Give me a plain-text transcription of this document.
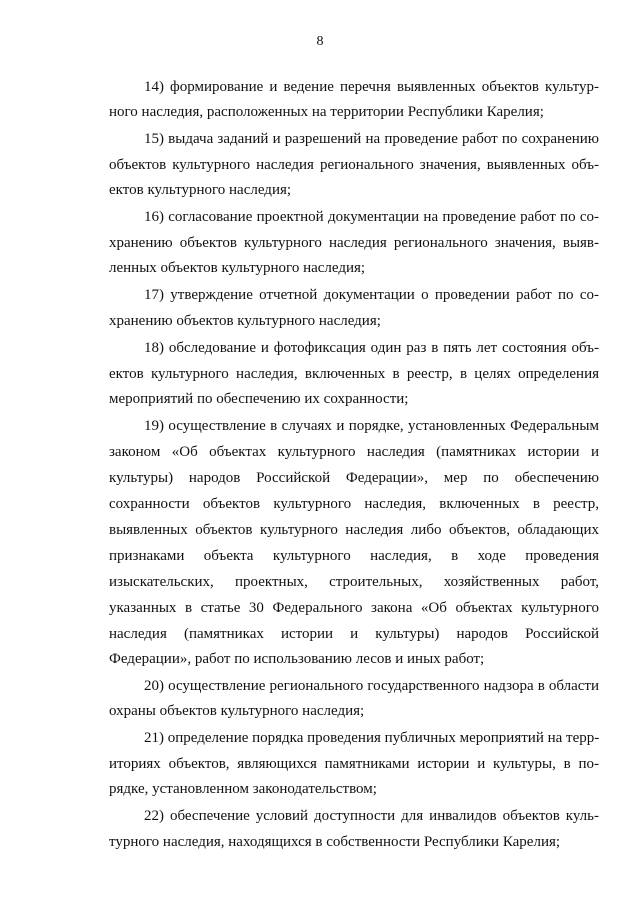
8
14) формирование и ведение перечня выявленных объектов культур-
ного наследия, расположенных на территории Республики Карелия;
15) выдача заданий и разрешений на проведение работ по сохранению
объектов культурного наследия регионального значения, выявленных объ-
ектов культурного наследия;
16) согласование проектной документации на проведение работ по со-
хранению объектов культурного наследия регионального значения, выяв-
ленных объектов культурного наследия;
17) утверждение отчетной документации о проведении работ по со-
хранению объектов культурного наследия;
18) обследование и фотофиксация один раз в пять лет состояния объ-
ектов культурного наследия, включенных в реестр, в целях определения
мероприятий по обеспечению их сохранности;
19) осуществление в случаях и порядке, установленных Федеральным
законом «Об объектах культурного наследия (памятниках истории и
культуры) народов Российской Федерации», мер по обеспечению
сохранности объектов культурного наследия, включенных в реестр,
выявленных объектов культурного наследия либо объектов, обладающих
признаками объекта культурного наследия, в ходе проведения
изыскательских, проектных, строительных, хозяйственных работ,
указанных в статье 30 Федерального закона «Об объектах культурного
наследия (памятниках истории и культуры) народов Российской
Федерации», работ по использованию лесов и иных работ;
20) осуществление регионального государственного надзора в области
охраны объектов культурного наследия;
21) определение порядка проведения публичных мероприятий на терр-
иториях объектов, являющихся памятниками истории и культуры, в по-
рядке, установленном законодательством;
22) обеспечение условий доступности для инвалидов объектов куль-
турного наследия, находящихся в собственности Республики Карелия;
